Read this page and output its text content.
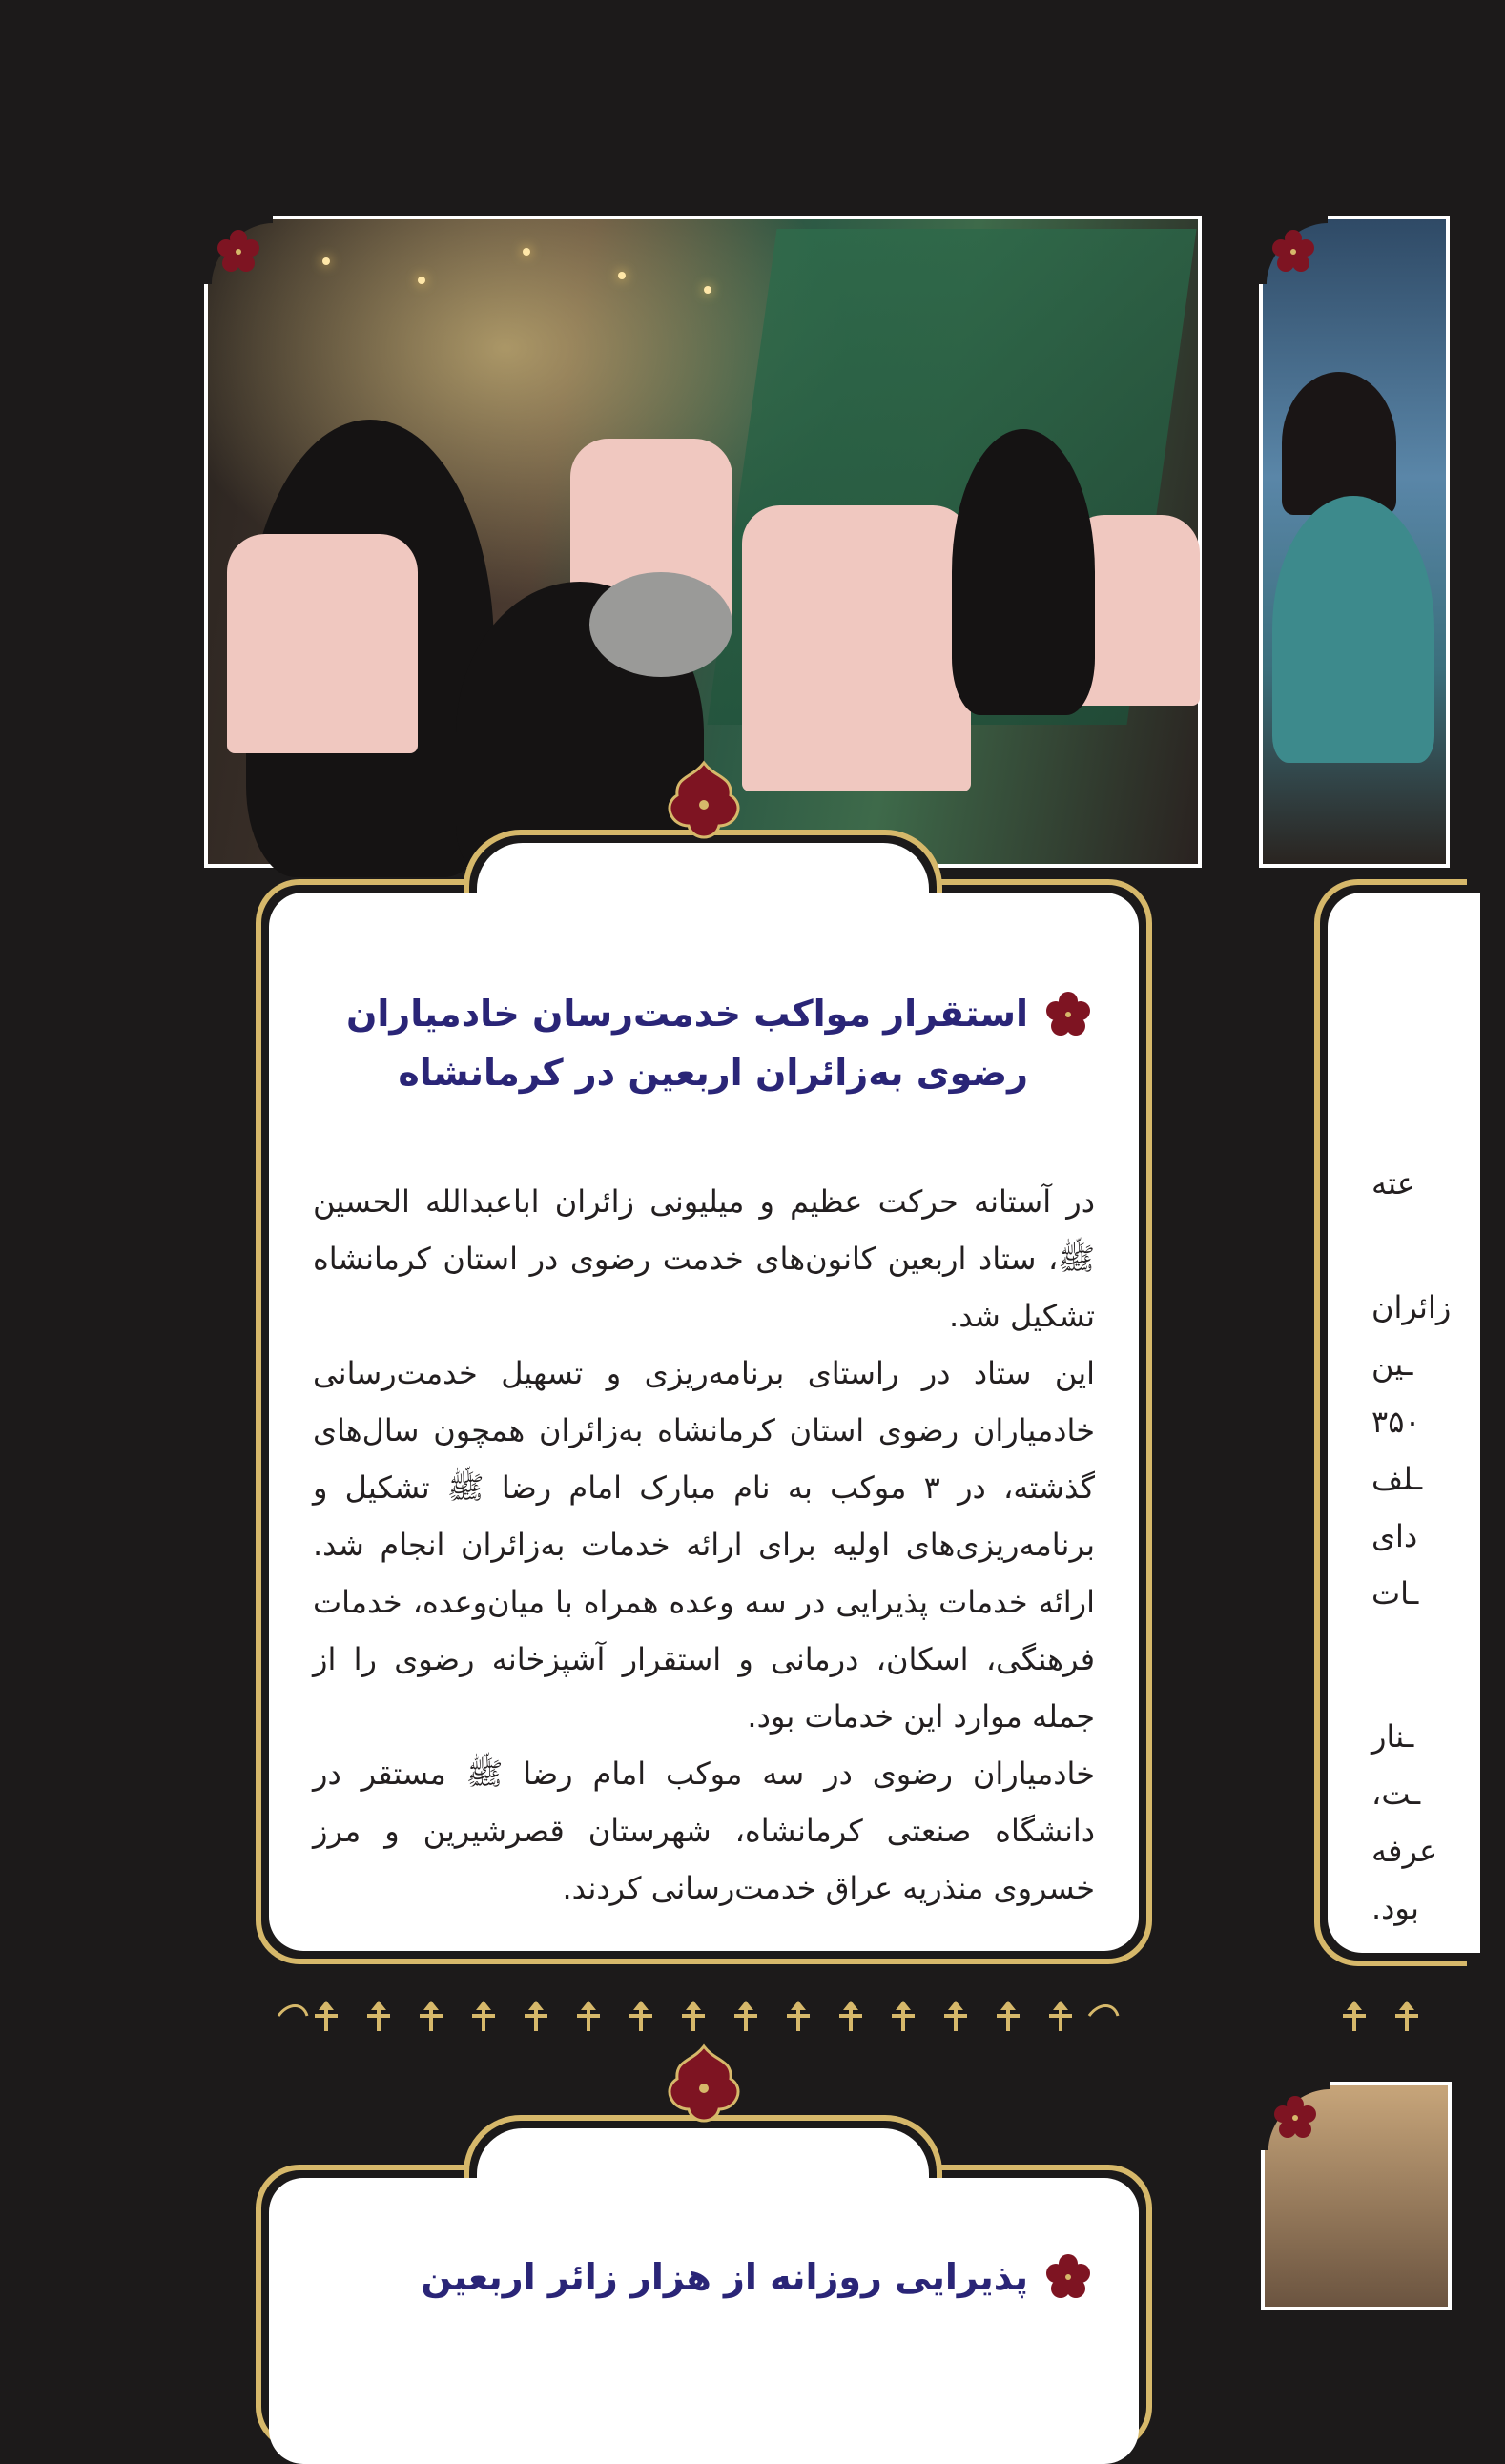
استقرار مواکب خدمت‌رسان خادمیاران رضوی به‌زائران اربعین در کرمانشاه

در آستانه حرکت عظیم و میلیونی زائران اباعبدالله الحسین ﷺ، ستاد اربعین کانون‌های خدمت رضوی در استان کرمانشاه تشکیل شد.

این ستاد در راستای برنامه‌ریزی و تسهیل خدمت‌رسانی خادمیاران رضوی استان کرمانشاه به‌زائران همچون سال‌های گذشته، در ۳ موکب به نام مبارک امام رضا ﷺ تشکیل و برنامه‌ریزی‌های اولیه برای ارائه خدمات به‌زائران انجام شد. ارائه خدمات پذیرایی در سه وعده همراه با میان‌وعده، خدمات فرهنگی، اسکان، درمانی و استقرار آشپزخانه رضوی را از جمله موارد این خدمات بود.

خادمیاران رضوی در سه موکب امام رضا ﷺ مستقر در دانشگاه صنعتی کرمانشاه، شهرستان قصرشیرین و مرز خسروی منذریه عراق خدمت‌رسانی کردند.

عته
زائران
ـین
۳۵۰
ـلف
دای
ـات
ـنار
ـت،
عرفه
بود.
پذیرایی روزانه از هزار زائر اربعین
